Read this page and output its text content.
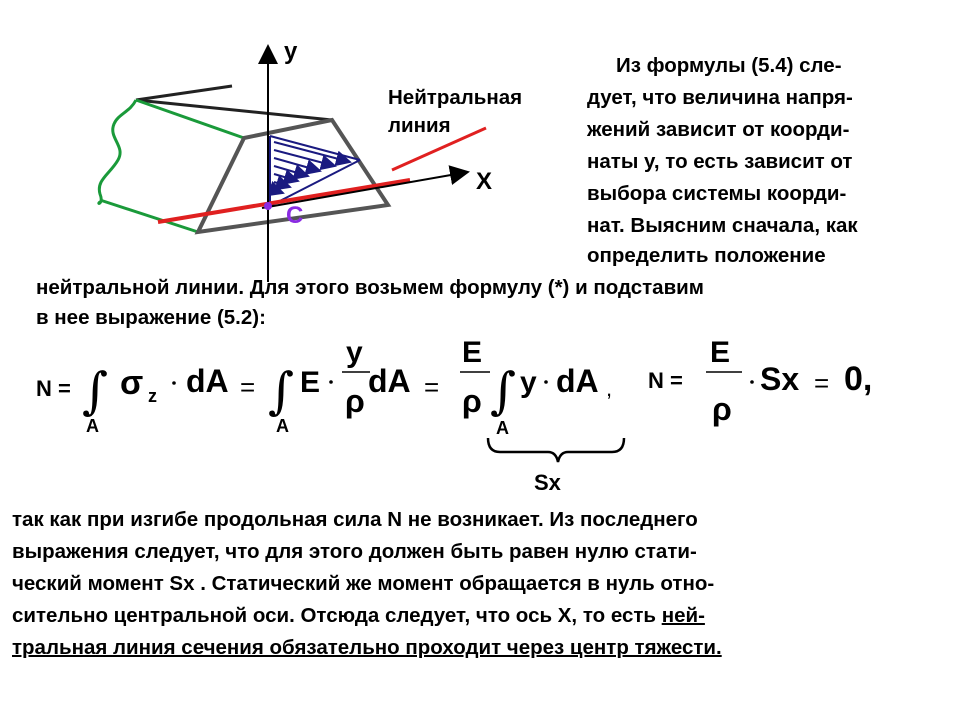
y
X
C
Нейтральная
линия
Из формулы (5.4) сле-
дует, что величина напря-
жений зависит от коорди-
наты y, то есть зависит от
выбора системы коорди-
нат. Выясним сначала, как
определить положение
нейтральной линии. Для этого возьмем формулу (*) и подставим
в нее выражение (5.2):
N = ∫
A
σ z dA = ∫
A
E
y
ρ
dA =
E
ρ ∫
A
y dA ,
Sx
N =
E
ρ
Sx = 0,
так как при изгибе продольная сила N не возникает. Из последнего
выражения следует, что для этого должен быть равен нулю стати-
ческий момент Sx . Статический же момент обращается в нуль отно-
сительно центральной оси. Отсюда следует, что ось X, то есть ней-
тральная линия сечения обязательно проходит через центр тяжести.
